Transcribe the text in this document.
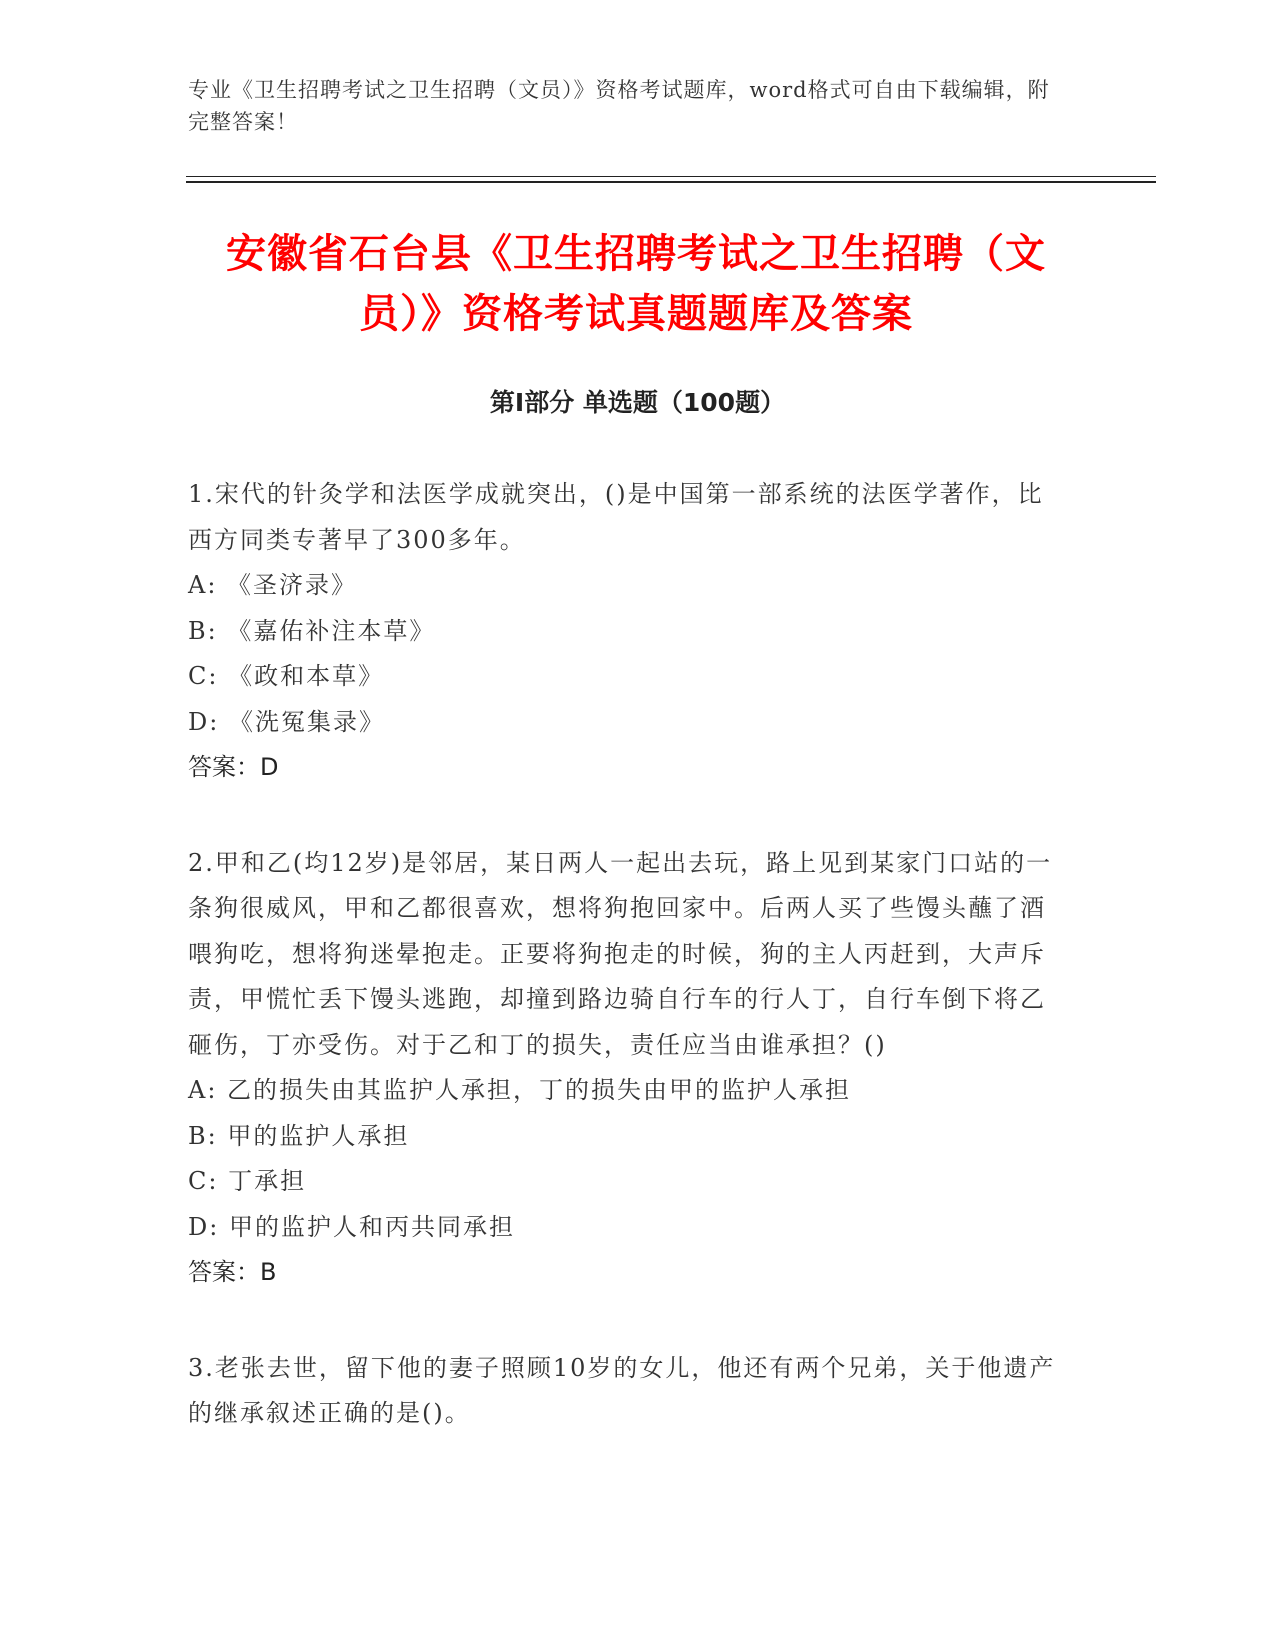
专业《卫生招聘考试之卫生招聘（文员）》资格考试题库，word格式可自由下载编辑，附完整答案！
安徽省石台县《卫生招聘考试之卫生招聘（文员）》资格考试真题题库及答案
第Ⅰ部分 单选题（100题）
1.宋代的针灸学和法医学成就突出，()是中国第一部系统的法医学著作，比西方同类专著早了300多年。
A: 《圣济录》
B: 《嘉佑补注本草》
C: 《政和本草》
D: 《洗冤集录》
答案：D
2.甲和乙(均12岁)是邻居，某日两人一起出去玩，路上见到某家门口站的一条狗很威风，甲和乙都很喜欢，想将狗抱回家中。后两人买了些馒头蘸了酒喂狗吃，想将狗迷晕抱走。正要将狗抱走的时候，狗的主人丙赶到，大声斥责，甲慌忙丢下馒头逃跑，却撞到路边骑自行车的行人丁，自行车倒下将乙砸伤，丁亦受伤。对于乙和丁的损失，责任应当由谁承担？()
A: 乙的损失由其监护人承担，丁的损失由甲的监护人承担
B: 甲的监护人承担
C: 丁承担
D: 甲的监护人和丙共同承担
答案：B
3.老张去世，留下他的妻子照顾10岁的女儿，他还有两个兄弟，关于他遗产的继承叙述正确的是()。
